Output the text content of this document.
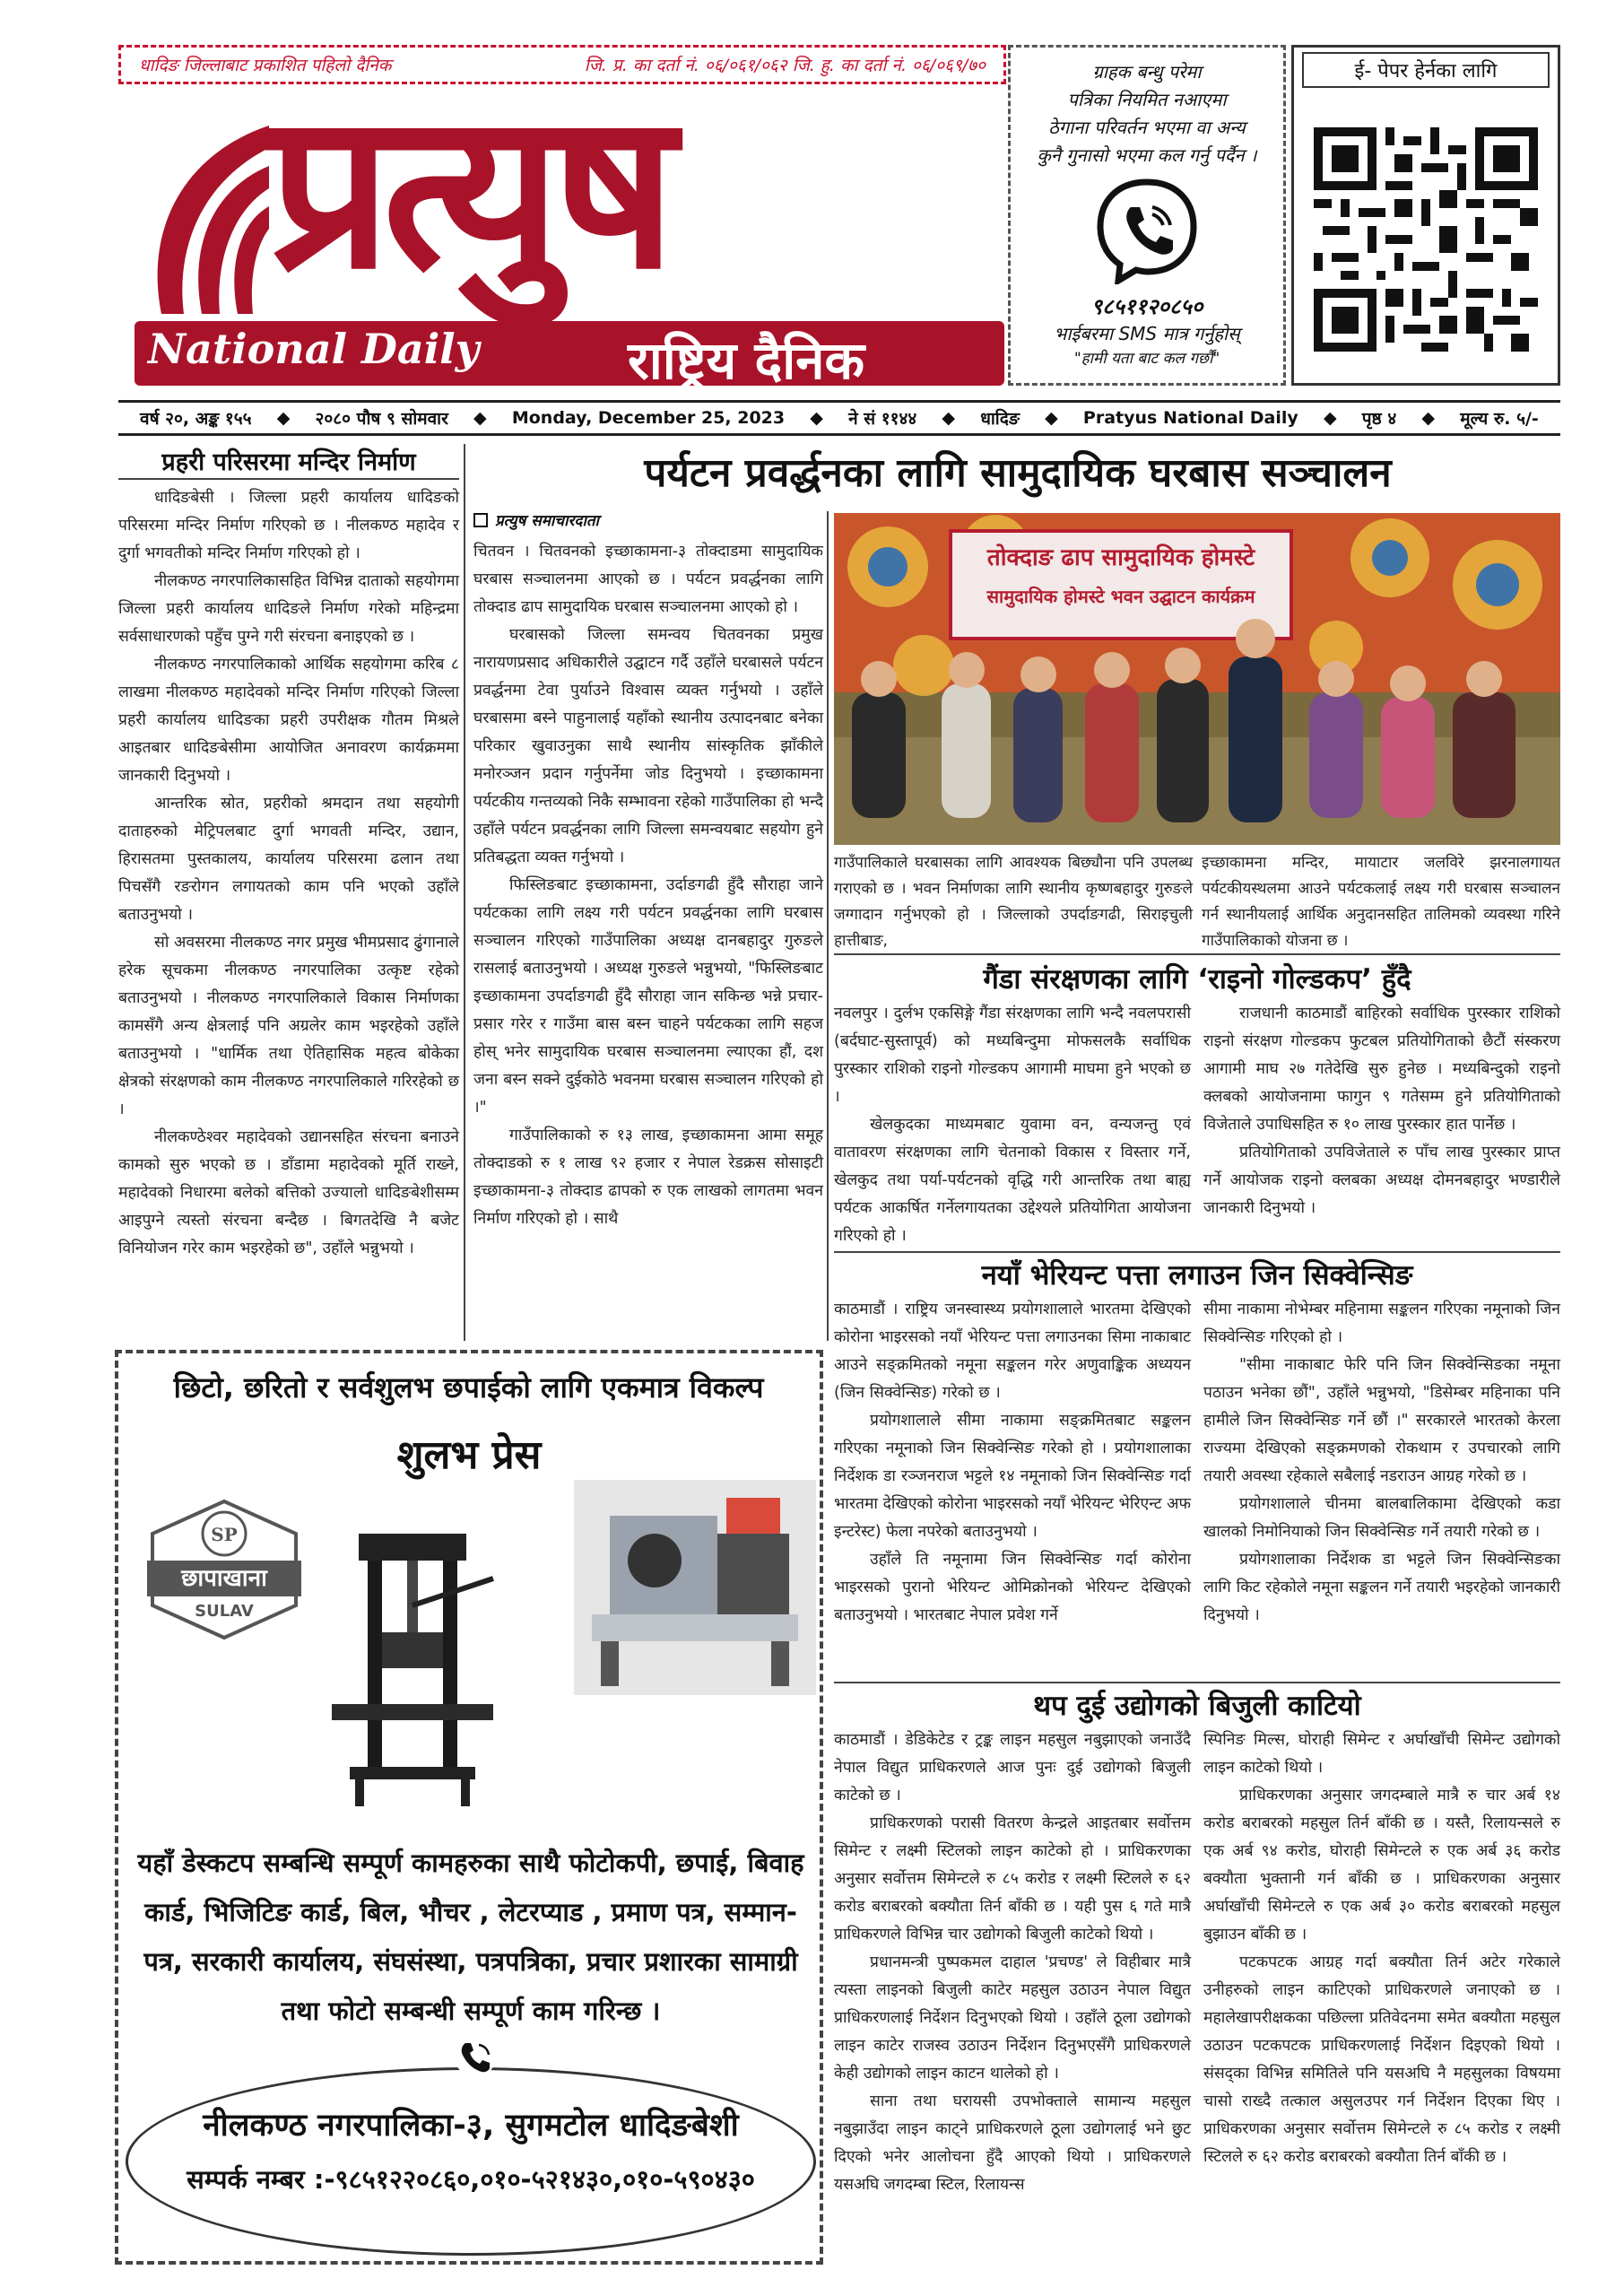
धादिङ जिल्लाबाट प्रकाशित पहिलो दैनिक	जि. प्र. का दर्ता नं. ०६/०६१/०६२ जि. हु. का दर्ता नं. ०६/०६९/७०
प्रत्युष
National Daily	राष्ट्रिय दैनिक

ग्राहक बन्धु परेमा

पत्रिका नियमित नआएमा

ठेगाना परिवर्तन भएमा वा अन्य

कुनै गुनासो भएमा कल गर्नु पर्दैन ।

९८५११२०८५०

भाईबरमा SMS मात्र गर्नुहोस्

"हामी यता बाट कल गर्छौं"

ई- पेपर हेर्नका लागि
वर्ष २०, अङ्क १५५ ◆ २०८० पौष ९ सोमवार ◆ Monday, December 25, 2023 ◆ ने सं ११४४ ◆ धादिङ ◆ Pratyus National Daily ◆ पृष्ठ ४ ◆ मूल्य रु. ५/-
प्रहरी परिसरमा मन्दिर निर्माण

धादिङबेसी । जिल्ला प्रहरी कार्यालय धादिङको परिसरमा मन्दिर निर्माण गरिएको छ । नीलकण्ठ महादेव र दुर्गा भगवतीको मन्दिर निर्माण गरिएको हो ।

नीलकण्ठ नगरपालिकासहित विभिन्न दाताको सहयोगमा जिल्ला प्रहरी कार्यालय धादिङले निर्माण गरेको महिन्द्रमा सर्वसाधारणको पहुँच पुग्ने गरी संरचना बनाइएको छ ।

नीलकण्ठ नगरपालिकाको आर्थिक सहयोगमा करिब ८ लाखमा नीलकण्ठ महादेवको मन्दिर निर्माण गरिएको जिल्ला प्रहरी कार्यालय धादिङका प्रहरी उपरीक्षक गौतम मिश्रले आइतबार धादिङबेसीमा आयोजित अनावरण कार्यक्रममा जानकारी दिनुभयो ।

आन्तरिक स्रोत, प्रहरीको श्रमदान तथा सहयोगी दाताहरुको मेट्रिपलबाट दुर्गा भगवती मन्दिर, उद्यान, हिरासतमा पुस्तकालय, कार्यालय परिसरमा ढलान तथा पिचसँगै रङरोगन लगायतको काम पनि भएको उहाँले बताउनुभयो ।

सो अवसरमा नीलकण्ठ नगर प्रमुख भीमप्रसाद ढुंगानाले हरेक सूचकमा नीलकण्ठ नगरपालिका उत्कृष्ट रहेको बताउनुभयो । नीलकण्ठ नगरपालिकाले विकास निर्माणका कामसँगै अन्य क्षेत्रलाई पनि अग्रलेर काम भइरहेको उहाँले बताउनुभयो । "धार्मिक तथा ऐतिहासिक महत्व बोकेका क्षेत्रको संरक्षणको काम नीलकण्ठ नगरपालिकाले गरिरहेको छ ।

नीलकण्ठेश्वर महादेवको उद्यानसहित संरचना बनाउने कामको सुरु भएको छ । डाँडामा महादेवको मूर्ति राख्ने, महादेवको निधारमा बलेको बत्तिको उज्यालो धादिङबेशीसम्म आइपुग्ने त्यस्तो संरचना बन्दैछ । बिगतदेखि नै बजेट विनियोजन गरेर काम भइरहेको छ", उहाँले भन्नुभयो ।

पर्यटन प्रवर्द्धनका लागि सामुदायिक घरबास सञ्चालन
प्रत्युष समाचारदाता

चितवन । चितवनको इच्छाकामना-३ तोक्दाडमा सामुदायिक घरबास सञ्चालनमा आएको छ । पर्यटन प्रवर्द्धनका लागि तोक्दाड ढाप सामुदायिक घरबास सञ्चालनमा आएको हो ।

घरबासको जिल्ला समन्वय चितवनका प्रमुख नारायणप्रसाद अधिकारीले उद्घाटन गर्दै उहाँले घरबासले पर्यटन प्रवर्द्धनमा टेवा पुर्याउने विश्वास व्यक्त गर्नुभयो । उहाँले घरबासमा बस्ने पाहुनालाई यहाँको स्थानीय उत्पादनबाट बनेका परिकार खुवाउनुका साथै स्थानीय सांस्कृतिक झाँकीले मनोरञ्जन प्रदान गर्नुपर्नेमा जोड दिनुभयो । इच्छाकामना पर्यटकीय गन्तव्यको निकै सम्भावना रहेको गाउँपालिका हो भन्दै उहाँले पर्यटन प्रवर्द्धनका लागि जिल्ला समन्वयबाट सहयोग हुने प्रतिबद्धता व्यक्त गर्नुभयो ।

फिस्लिङबाट इच्छाकामना, उर्दाङगढी हुँदै सौराहा जाने पर्यटकका लागि लक्ष्य गरी पर्यटन प्रवर्द्धनका लागि घरबास सञ्चालन गरिएको गाउँपालिका अध्यक्ष दानबहादुर गुरुङले रासलाई बताउनुभयो । अध्यक्ष गुरुङले भन्नुभयो, "फिस्लिङबाट इच्छाकामना उपर्दाङगढी हुँदै सौराहा जान सकिन्छ भन्ने प्रचार-प्रसार गरेर र गाउँमा बास बस्न चाहने पर्यटकका लागि सहज होस् भनेर सामुदायिक घरबास सञ्चालनमा ल्याएका हौं, दश जना बस्न सक्ने दुईकोठे भवनमा घरबास सञ्चालन गरिएको हो ।"

गाउँपालिकाको रु १३ लाख, इच्छाकामना आमा समूह तोक्दाडको रु १ लाख ९२ हजार र नेपाल रेडक्रस सोसाइटी इच्छाकामना-३ तोक्दाड ढापको रु एक लाखको लागतमा भवन निर्माण गरिएको हो । साथै

तोक्दाङ ढाप सामुदायिक होमस्टे
सामुदायिक होमस्टे भवन उद्घाटन कार्यक्रम
गाउँपालिकाले घरबासका लागि आवश्यक बिछ्यौना पनि उपलब्ध गराएको छ । भवन निर्माणका लागि स्थानीय कृष्णबहादुर गुरुङले जग्गादान गर्नुभएको हो । जिल्लाको उपर्दाङगढी, सिराइचुली हात्तीबाङ,
इच्छाकामना मन्दिर, मायाटार जलविरे झरनालगायत पर्यटकीयस्थलमा आउने पर्यटकलाई लक्ष्य गरी घरबास सञ्चालन गर्न स्थानीयलाई आर्थिक अनुदानसहित तालिमको व्यवस्था गरिने गाउँपालिकाको योजना छ ।
गैंडा संरक्षणका लागि ‘राइनो गोल्डकप’ हुँदै

नवलपुर । दुर्लभ एकसिङ्गे गैंडा संरक्षणका लागि भन्दै नवलपरासी (बर्दघाट-सुस्तापूर्व) को मध्यबिन्दुमा मोफसलकै सर्वाधिक पुरस्कार राशिको राइनो गोल्डकप आगामी माघमा हुने भएको छ ।

खेलकुदका माध्यमबाट युवामा वन, वन्यजन्तु एवं वातावरण संरक्षणका लागि चेतनाको विकास र विस्तार गर्ने, खेलकुद तथा पर्या-पर्यटनको वृद्धि गरी आन्तरिक तथा बाह्य पर्यटक आकर्षित गर्नेलगायतका उद्देश्यले प्रतियोगिता आयोजना गरिएको हो ।

राजधानी काठमाडौं बाहिरको सर्वाधिक पुरस्कार राशिको राइनो संरक्षण गोल्डकप फुटबल प्रतियोगिताको छैटौं संस्करण आगामी माघ २७ गतेदेखि सुरु हुनेछ । मध्यबिन्दुको राइनो क्लबको आयोजनामा फागुन ९ गतेसम्म हुने प्रतियोगिताको विजेताले उपाधिसहित रु १० लाख पुरस्कार हात पार्नेछ ।

प्रतियोगिताको उपविजेताले रु पाँच लाख पुरस्कार प्राप्त गर्ने आयोजक राइनो क्लबका अध्यक्ष दोमनबहादुर भण्डारीले जानकारी दिनुभयो ।

नयाँ भेरियन्ट पत्ता लगाउन जिन सिक्वेन्सिङ

काठमाडौं । राष्ट्रिय जनस्वास्थ्य प्रयोगशालाले भारतमा देखिएको कोरोना भाइरसको नयाँ भेरियन्ट पत्ता लगाउनका सिमा नाकाबाट आउने सङ्क्रमितको नमूना सङ्कलन गरेर अणुवाङ्किक अध्ययन (जिन सिक्वेन्सिङ) गरेको छ ।

प्रयोगशालाले सीमा नाकामा सङ्क्रमितबाट सङ्कलन गरिएका नमूनाको जिन सिक्वेन्सिङ गरेको हो । प्रयोगशालाका निर्देशक डा रञ्जनराज भट्टले १४ नमूनाको जिन सिक्वेन्सिङ गर्दा भारतमा देखिएको कोरोना भाइरसको नयाँ भेरियन्ट भेरिएन्ट अफ इन्टरेस्ट) फेला नपरेको बताउनुभयो ।

उहाँले ति नमूनामा जिन सिक्वेन्सिङ गर्दा कोरोना भाइरसको पुरानो भेरियन्ट ओमिक्रोनको भेरियन्ट देखिएको बताउनुभयो । भारतबाट नेपाल प्रवेश गर्ने

सीमा नाकामा नोभेम्बर महिनामा सङ्कलन गरिएका नमूनाको जिन सिक्वेन्सिङ गरिएको हो ।

"सीमा नाकाबाट फेरि पनि जिन सिक्वेन्सिङका नमूना पठाउन भनेका छौं", उहाँले भन्नुभयो, "डिसेम्बर महिनाका पनि हामीले जिन सिक्वेन्सिङ गर्ने छौं ।" सरकारले भारतको केरला राज्यमा देखिएको सङ्क्रमणको रोकथाम र उपचारको लागि तयारी अवस्था रहेकाले सबैलाई नडराउन आग्रह गरेको छ ।

प्रयोगशालाले चीनमा बालबालिकामा देखिएको कडा खालको निमोनियाको जिन सिक्वेन्सिङ गर्ने तयारी गरेको छ ।

प्रयोगशालाका निर्देशक डा भट्टले जिन सिक्वेन्सिङका लागि किट रहेकोले नमूना सङ्कलन गर्ने तयारी भइरहेको जानकारी दिनुभयो ।

थप दुई उद्योगको बिजुली काटियो

काठमाडौं । डेडिकेटेड र ट्रङ्क लाइन महसुल नबुझाएको जनाउँदै नेपाल विद्युत प्राधिकरणले आज पुनः दुई उद्योगको बिजुली काटेको छ ।

प्राधिकरणको परासी वितरण केन्द्रले आइतबार सर्वोत्तम सिमेन्ट र लक्ष्मी स्टिलको लाइन काटेको हो । प्राधिकरणका अनुसार सर्वोत्तम सिमेन्टले रु ८५ करोड र लक्ष्मी स्टिलले रु ६२ करोड बराबरको बक्यौता तिर्न बाँकी छ । यही पुस ६ गते मात्रै प्राधिकरणले विभिन्न चार उद्योगको बिजुली काटेको थियो ।

प्रधानमन्त्री पुष्पकमल दाहाल 'प्रचण्ड' ले विहीबार मात्रै त्यस्ता लाइनको बिजुली काटेर महसुल उठाउन नेपाल विद्युत प्राधिकरणलाई निर्देशन दिनुभएको थियो । उहाँले ठूला उद्योगको लाइन काटेर राजस्व उठाउन निर्देशन दिनुभएसँगै प्राधिकरणले केही उद्योगको लाइन काटन थालेको हो ।

साना तथा घरायसी उपभोक्ताले सामान्य महसुल नबुझाउँदा लाइन काट्ने प्राधिकरणले ठूला उद्योगलाई भने छुट दिएको भनेर आलोचना हुँदै आएको थियो । प्राधिकरणले यसअघि जगदम्बा स्टिल, रिलायन्स

स्पिनिङ मिल्स, घोराही सिमेन्ट र अर्घाखाँची सिमेन्ट उद्योगको लाइन काटेको थियो ।

प्राधिकरणका अनुसार जगदम्बाले मात्रै रु चार अर्ब १४ करोड बराबरको महसुल तिर्न बाँकी छ । यस्तै, रिलायन्सले रु एक अर्ब ९४ करोड, घोराही सिमेन्टले रु एक अर्ब ३६ करोड बक्यौता भुक्तानी गर्न बाँकी छ । प्राधिकरणका अनुसार अर्घाखाँची सिमेन्टले रु एक अर्ब ३० करोड बराबरको महसुल बुझाउन बाँकी छ ।

पटकपटक आग्रह गर्दा बक्यौता तिर्न अटेर गरेकाले उनीहरुको लाइन काटिएको प्राधिकरणले जनाएको छ । महालेखापरीक्षकका पछिल्ला प्रतिवेदनमा समेत बक्यौता महसुल उठाउन पटकपटक प्राधिकरणलाई निर्देशन दिइएको थियो । संसद्का विभिन्न समितिले पनि यसअघि नै महसुलका विषयमा चासो राख्दै तत्काल असुलउपर गर्न निर्देशन दिएका थिए । प्राधिकरणका अनुसार सर्वोत्तम सिमेन्टले रु ८५ करोड र लक्ष्मी स्टिलले रु ६२ करोड बराबरको बक्यौता तिर्न बाँकी छ ।

छिटो, छरितो र सर्वशुलभ छपाईको लागि एकमात्र विकल्प
शुलभ प्रेस
SP
छापाखाना
SULAV
यहाँ डेस्कटप सम्बन्धि सम्पूर्ण कामहरुका साथै फोटोकपी, छपाई, बिवाह कार्ड, भिजिटिङ कार्ड, बिल, भौचर , लेटरप्याड , प्रमाण पत्र, सम्मान-पत्र, सरकारी कार्यालय, संघसंस्था, पत्रपत्रिका, प्रचार प्रशारका सामाग्री तथा फोटो सम्बन्धी सम्पूर्ण काम गरिन्छ ।
नीलकण्ठ नगरपालिका-३, सुगमटोल धादिङबेशी
सम्पर्क नम्बर :-९८५१२२०८६०,०१०-५२१४३०,०१०-५९०४३०
